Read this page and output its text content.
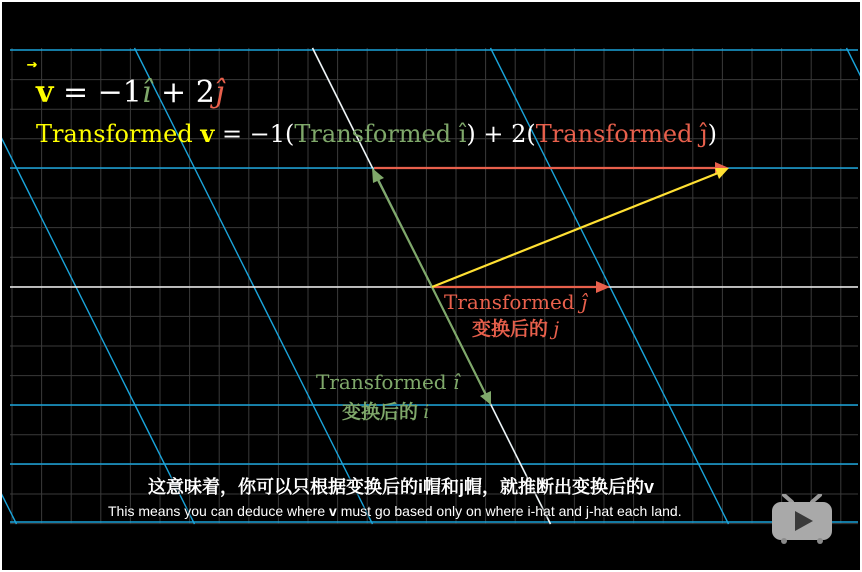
v = −1î + 2ĵ
Transformed v = −1(Transformed î) + 2(Transformed ĵ)
Transformed ĵ
变换后的 j
Transformed î
变换后的 i
这意味着，你可以只根据变换后的i帽和j帽，就推断出变换后的v
This means you can deduce where v must go based only on where i-hat and j-hat each land.
